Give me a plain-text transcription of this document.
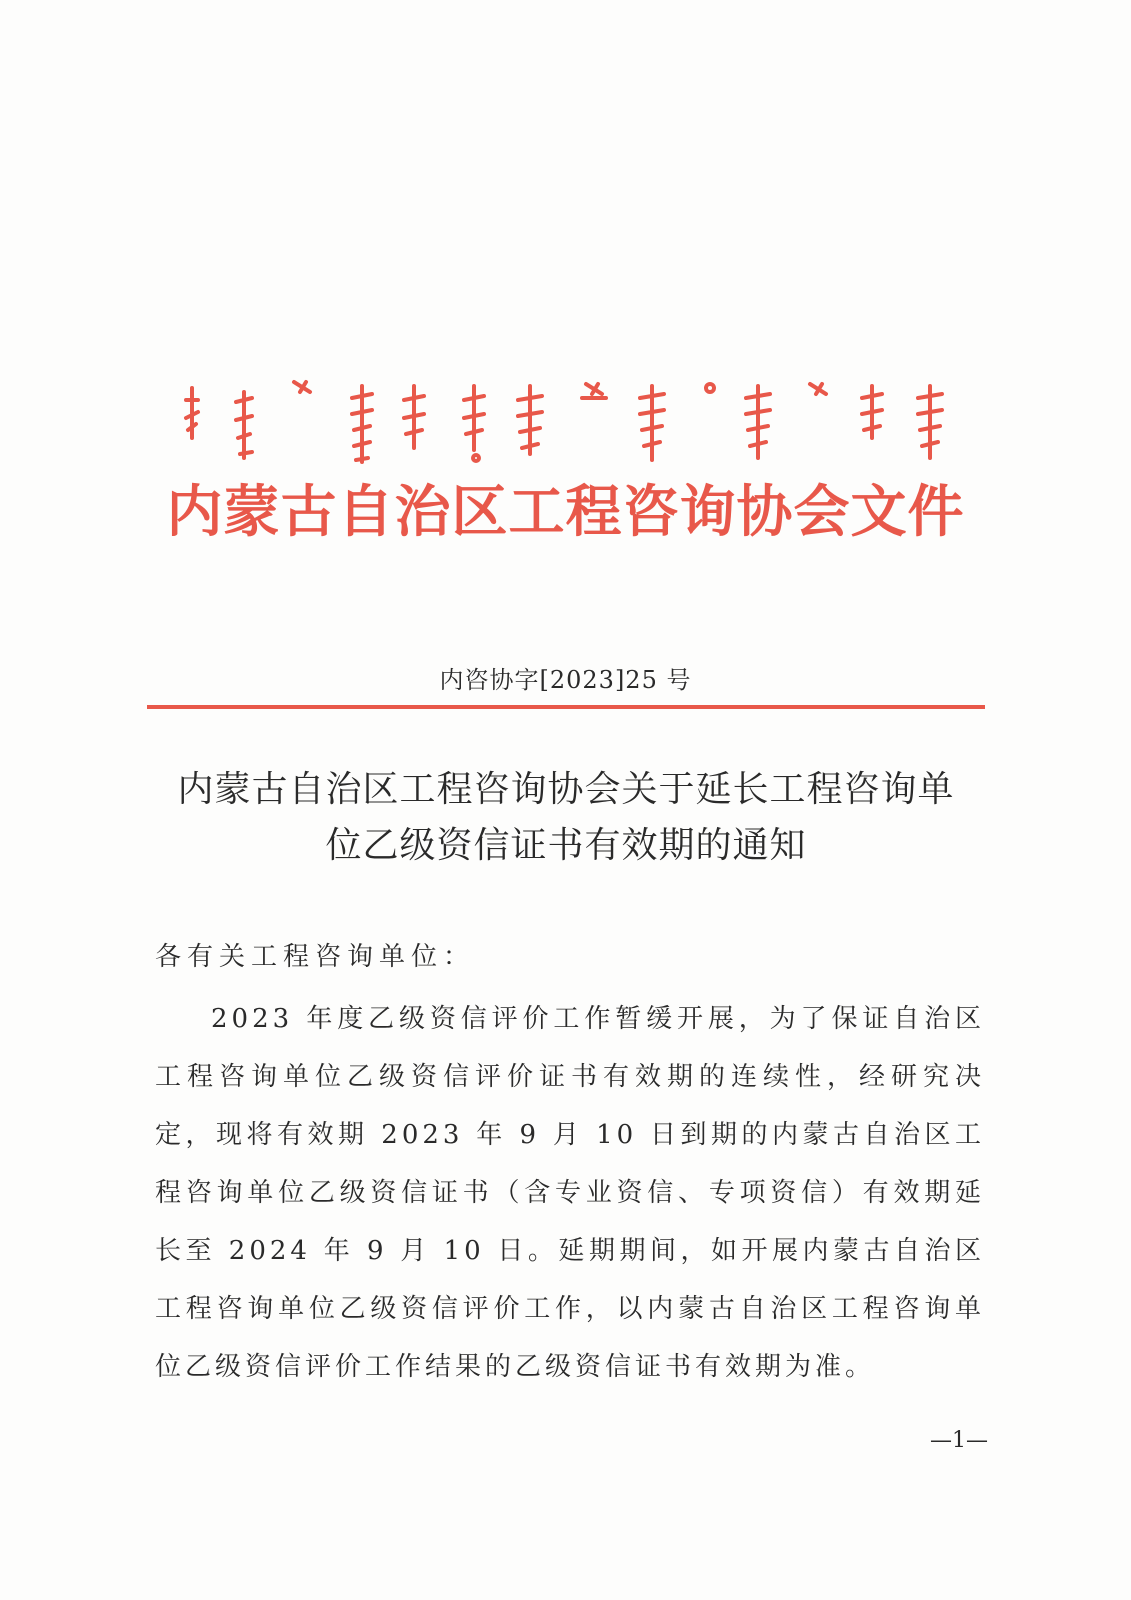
内蒙古自治区工程咨询协会文件
内咨协字[2023]25 号
内蒙古自治区工程咨询协会关于延长工程咨询单
位乙级资信证书有效期的通知
各有关工程咨询单位：
2023 年度乙级资信评价工作暂缓开展，为了保证自治区工程咨询单位乙级资信评价证书有效期的连续性，经研究决定，现将有效期 2023 年 9 月 10 日到期的内蒙古自治区工程咨询单位乙级资信证书（含专业资信、专项资信）有效期延长至 2024 年 9 月 10 日。延期期间，如开展内蒙古自治区工程咨询单位乙级资信评价工作，以内蒙古自治区工程咨询单位乙级资信评价工作结果的乙级资信证书有效期为准。
—1—
